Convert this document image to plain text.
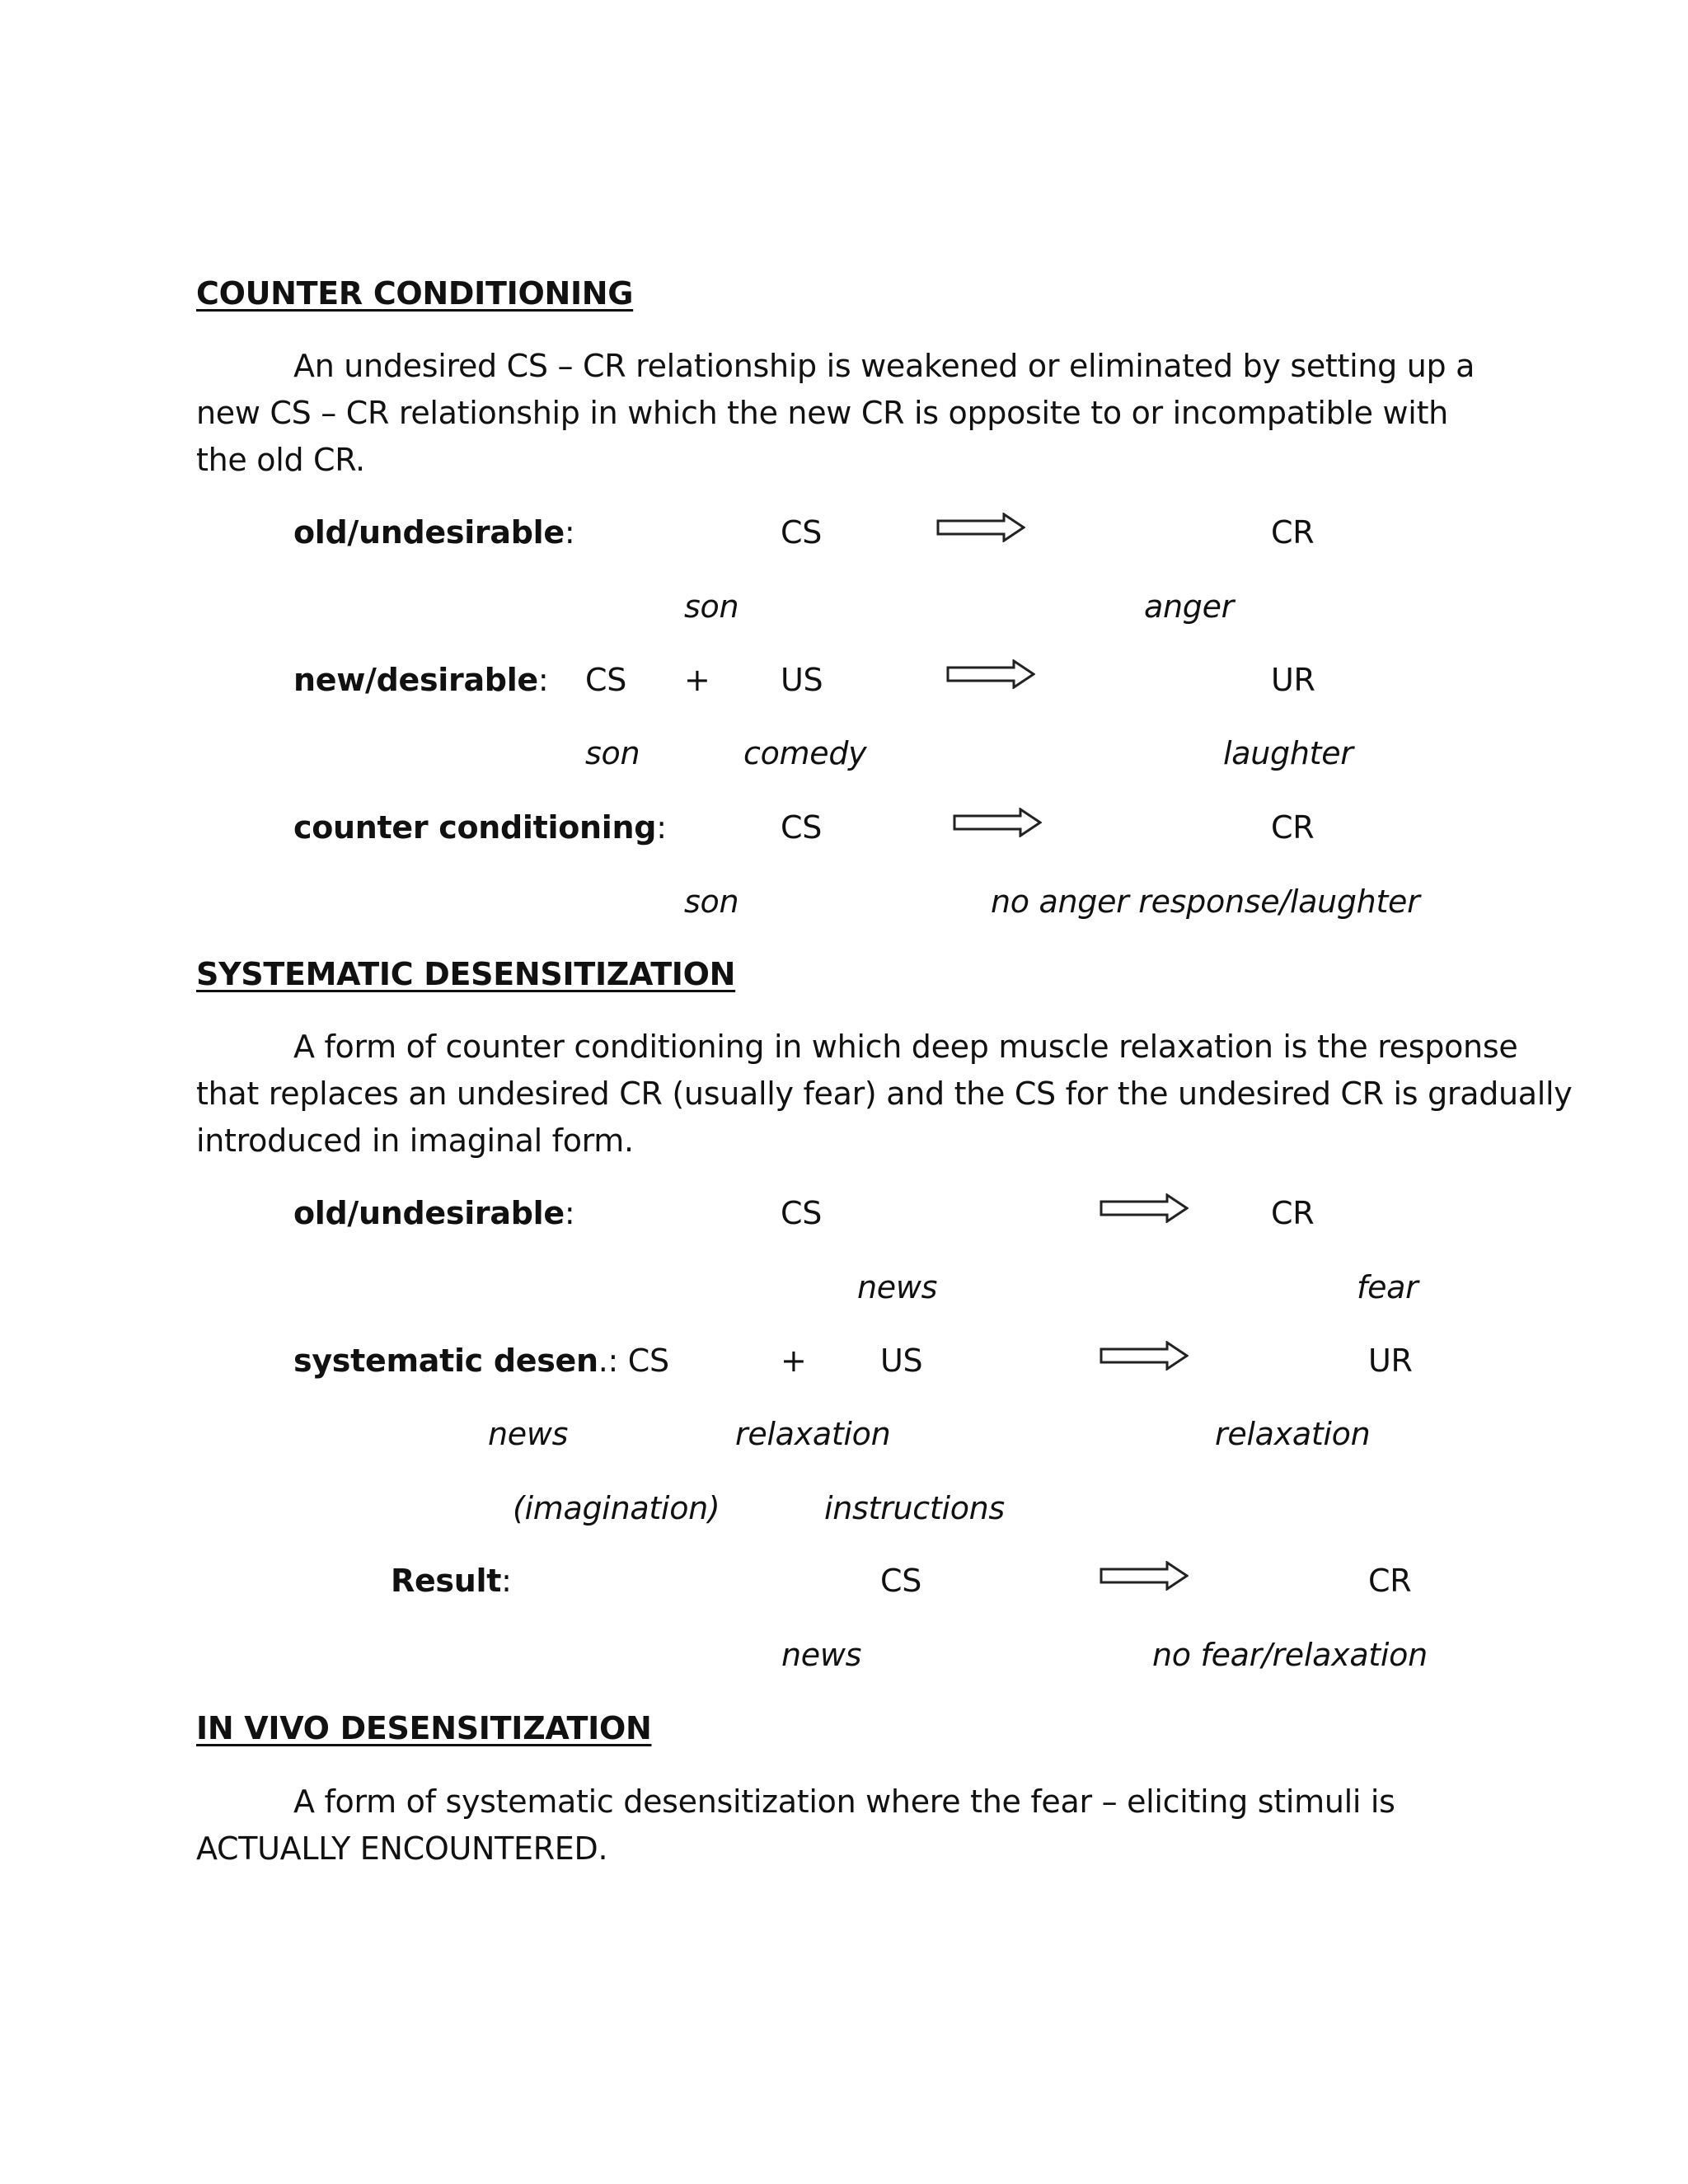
COUNTER CONDITIONING
An undesired CS – CR relationship is weakened or eliminated by setting up a
new CS – CR relationship in which the new CR is opposite to or incompatible with
the old CR.
old/undesirable:	CS	CR
son	anger
new/desirable: CS + US	UR
son	comedy	laughter
counter conditioning:	CS	CR
son	no anger response/laughter
SYSTEMATIC DESENSITIZATION
A form of counter conditioning in which deep muscle relaxation is the response
that replaces an undesired CR (usually fear) and the CS for the undesired CR is gradually
introduced in imaginal form.
old/undesirable:	CS	CR
news	fear
systematic desen.: CS	+ US	UR
news	relaxation	relaxation
(imagination)	instructions
Result:	CS	CR
news	no fear/relaxation
IN VIVO DESENSITIZATION
A form of systematic desensitization where the fear – eliciting stimuli is
ACTUALLY ENCOUNTERED.
